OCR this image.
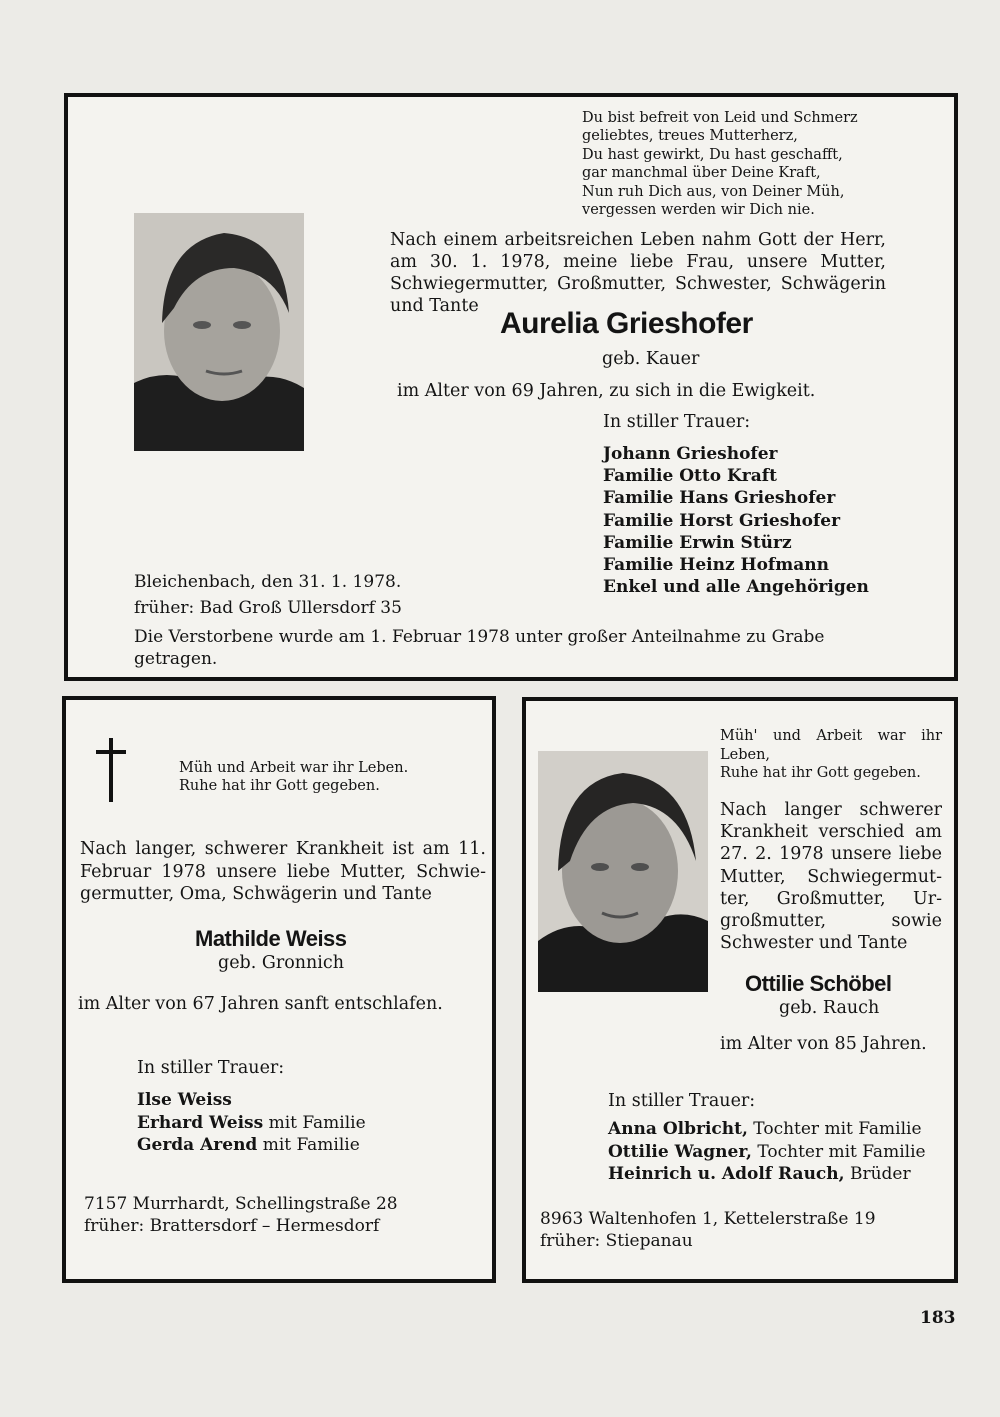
Du bist befreit von Leid und Schmerz
geliebtes, treues Mutterherz,
Du hast gewirkt, Du hast geschafft,
gar manchmal über Deine Kraft,
Nun ruh Dich aus, von Deiner Müh,
vergessen werden wir Dich nie.
Nach einem arbeitsreichen Leben nahm Gott der Herr,
am 30. 1. 1978, meine liebe Frau, unsere Mutter,
Schwiegermutter, Großmutter, Schwester, Schwägerin
und Tante
Aurelia Grieshofer
geb. Kauer
im Alter von 69 Jahren, zu sich in die Ewigkeit.
In stiller Trauer:
Johann Grieshofer
Familie Otto Kraft
Familie Hans Grieshofer
Familie Horst Grieshofer
Familie Erwin Stürz
Familie Heinz Hofmann
Enkel und alle Angehörigen
Bleichenbach, den 31. 1. 1978.
früher: Bad Groß Ullersdorf 35
Die Verstorbene wurde am 1. Februar 1978 unter großer Anteilnahme zu Grabe
getragen.
Müh und Arbeit war ihr Leben.
Ruhe hat ihr Gott gegeben.
Nach langer, schwerer Krankheit ist am 11.
Februar 1978 unsere liebe Mutter, Schwie-
germutter, Oma, Schwägerin und Tante
Mathilde Weiss
geb. Gronnich
im Alter von 67 Jahren sanft entschlafen.
In stiller Trauer:
Ilse Weiss
Erhard Weiss mit Familie
Gerda Arend mit Familie
7157 Murrhardt, Schellingstraße 28
früher: Brattersdorf – Hermesdorf
Müh' und Arbeit war ihr
Leben,
Ruhe hat ihr Gott gegeben.
Nach langer schwerer
Krankheit verschied am
27. 2. 1978 unsere liebe
Mutter, Schwiegermut-
ter, Großmutter, Ur-
großmutter, sowie
Schwester und Tante
Ottilie Schöbel
geb. Rauch
im Alter von 85 Jahren.
In stiller Trauer:
Anna Olbricht, Tochter mit Familie
Ottilie Wagner, Tochter mit Familie
Heinrich u. Adolf Rauch, Brüder
8963 Waltenhofen 1, Kettelerstraße 19
früher: Stiepanau
183
